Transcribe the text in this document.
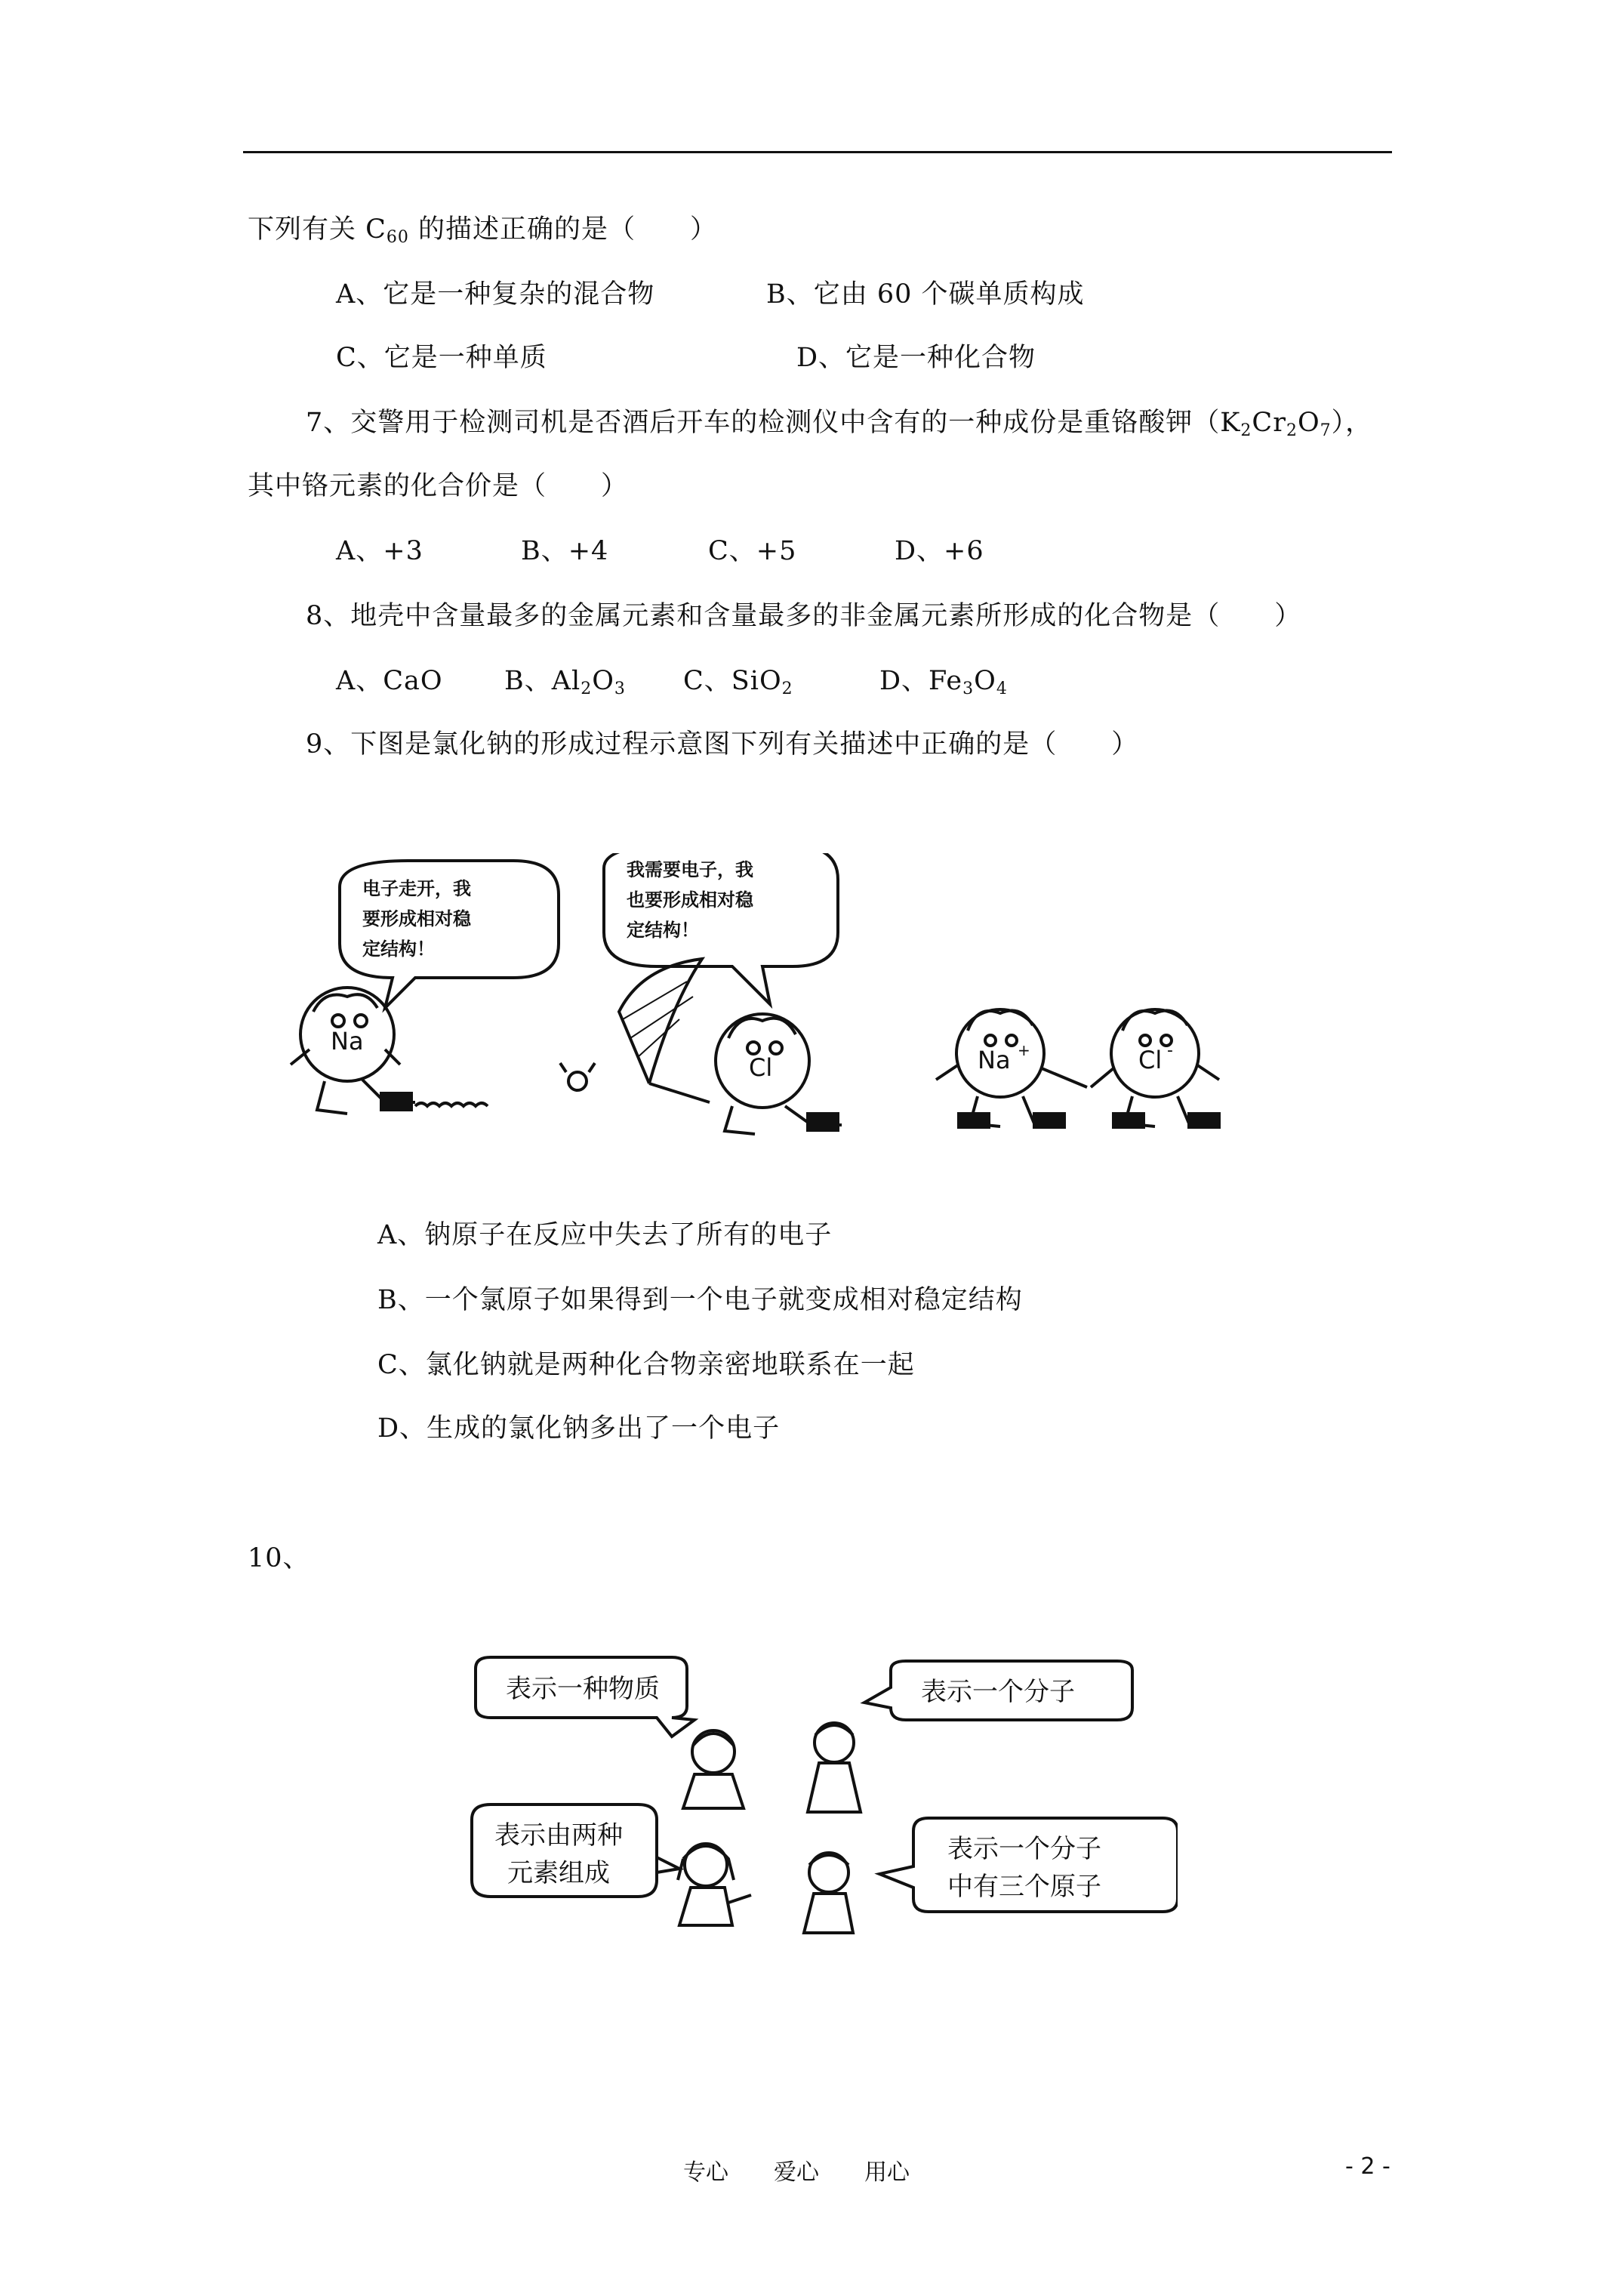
下列有关 $C_{60}$ 的描述正确的是（　　）
A、它是一种复杂的混合物	B、它由 60 个碳单质构成
C、它是一种单质	D、它是一种化合物
7、交警用于检测司机是否酒后开车的检测仪中含有的一种成份是重铬酸钾$(K_2Cr_2O_7)$，
其中铬元素的化合价是（　　）
A、+3	B、+4	C、+5	D、+6
8、地壳中含量最多的金属元素和含量最多的非金属元素所形成的化合物是（　　）
A、CaO B、$Al_2O_3$ C、SiO$_2$	D、$Fe_3O_4$
9、下图是氯化钠的形成过程示意图下列有关描述中正确的是（　　）
电子走开，我
要形成相对稳
定结构！
我需要电子，我
也要形成相对稳
定结构！
Na
Cl	Na +	Cl -
A、钠原子在反应中失去了所有的电子
B、一个氯原子如果得到一个电子就变成相对稳定结构
C、氯化钠就是两种化合物亲密地联系在一起
D、生成的氯化钠多出了一个电子
10、
表示一种物质	表示一个分子
表示由两种
元素组成
表示一个分子
中有三个原子
专心　　爱心　　用心	- 2 -
